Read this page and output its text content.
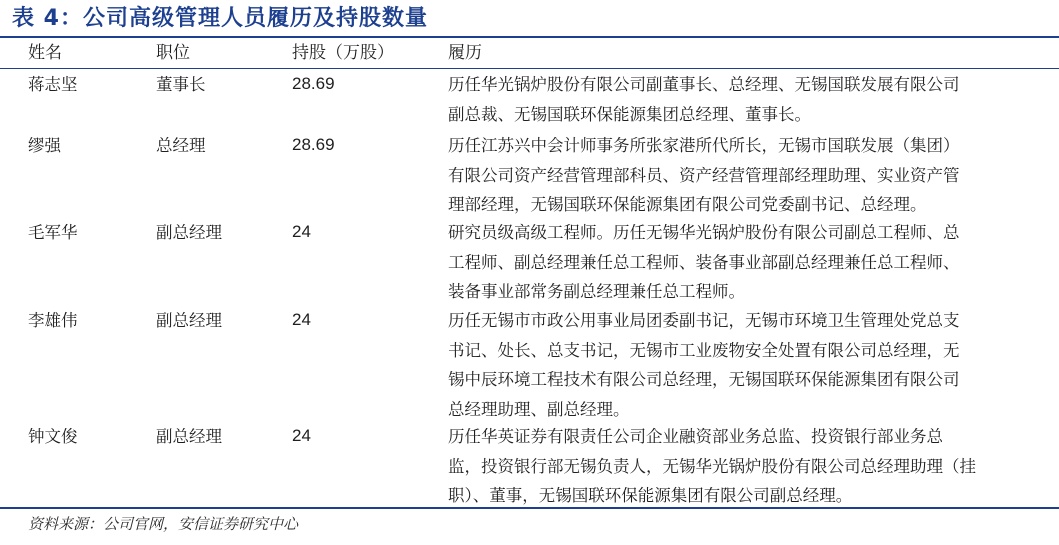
表 4：公司高级管理人员履历及持股数量
姓名	职位	持股（万股）	履历
蒋志坚	董事长	28.69	历任华光锅炉股份有限公司副董事长、总经理、无锡国联发展有限公司
副总裁、无锡国联环保能源集团总经理、董事长。
缪强	总经理	28.69	历任江苏兴中会计师事务所张家港所代所长，无锡市国联发展（集团）
有限公司资产经营管理部科员、资产经营管理部经理助理、实业资产管
理部经理，无锡国联环保能源集团有限公司党委副书记、总经理。
毛军华	副总经理	24	研究员级高级工程师。历任无锡华光锅炉股份有限公司副总工程师、总
工程师、副总经理兼任总工程师、装备事业部副总经理兼任总工程师、
装备事业部常务副总经理兼任总工程师。
李雄伟	副总经理	24	历任无锡市市政公用事业局团委副书记，无锡市环境卫生管理处党总支
书记、处长、总支书记，无锡市工业废物安全处置有限公司总经理，无
锡中辰环境工程技术有限公司总经理，无锡国联环保能源集团有限公司
总经理助理、副总经理。
钟文俊	副总经理	24	历任华英证券有限责任公司企业融资部业务总监、投资银行部业务总
监，投资银行部无锡负责人，无锡华光锅炉股份有限公司总经理助理（挂
职）、董事，无锡国联环保能源集团有限公司副总经理。
资料来源：公司官网，安信证券研究中心
